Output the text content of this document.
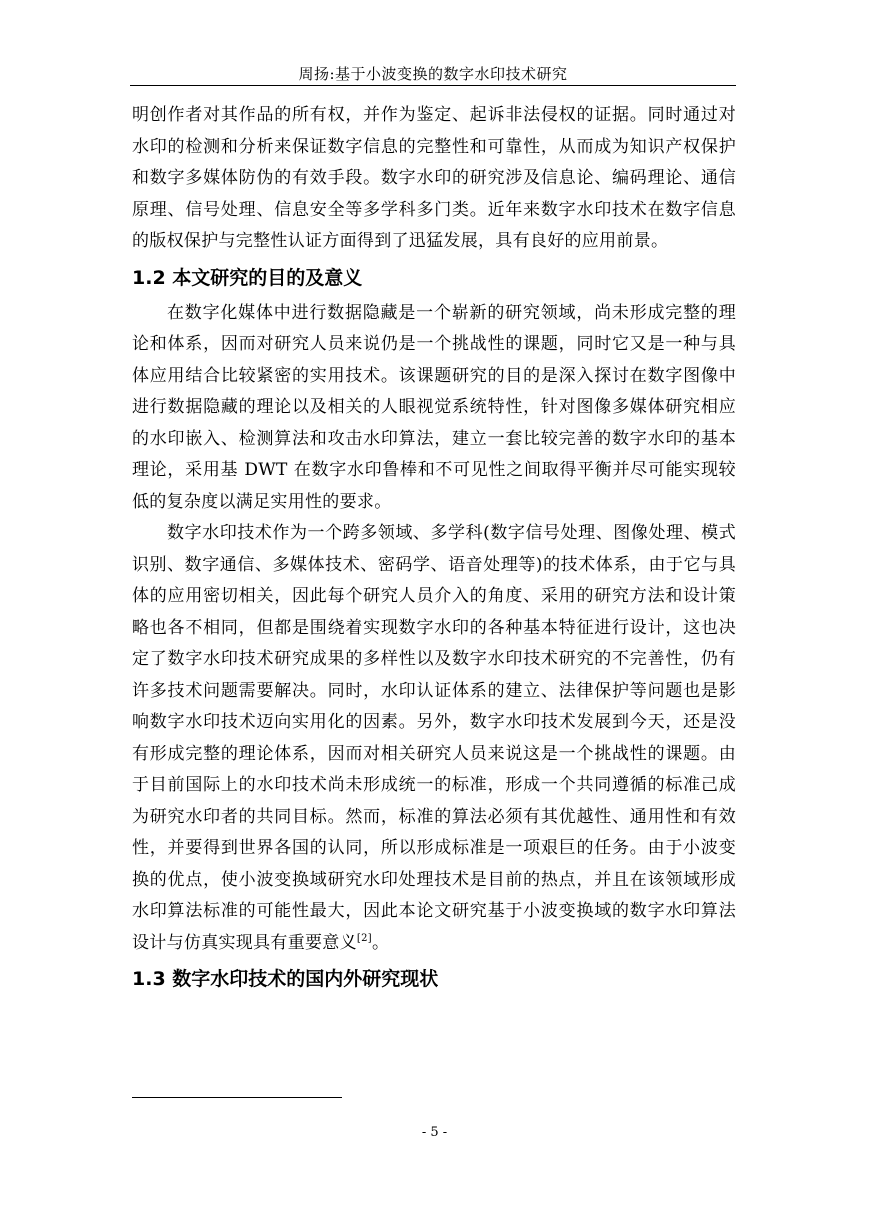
周扬:基于小波变换的数字水印技术研究

明创作者对其作品的所有权，并作为鉴定、起诉非法侵权的证据。同时通过对水印的检测和分析来保证数字信息的完整性和可靠性，从而成为知识产权保护和数字多媒体防伪的有效手段。数字水印的研究涉及信息论、编码理论、通信原理、信号处理、信息安全等多学科多门类。近年来数字水印技术在数字信息的版权保护与完整性认证方面得到了迅猛发展，具有良好的应用前景。

1.2 本文研究的目的及意义

在数字化媒体中进行数据隐藏是一个崭新的研究领域，尚未形成完整的理论和体系，因而对研究人员来说仍是一个挑战性的课题，同时它又是一种与具体应用结合比较紧密的实用技术。该课题研究的目的是深入探讨在数字图像中进行数据隐藏的理论以及相关的人眼视觉系统特性，针对图像多媒体研究相应的水印嵌入、检测算法和攻击水印算法，建立一套比较完善的数字水印的基本理论，采用基 DWT 在数字水印鲁棒和不可见性之间取得平衡并尽可能实现较低的复杂度以满足实用性的要求。

数字水印技术作为一个跨多领域、多学科(数字信号处理、图像处理、模式识别、数字通信、多媒体技术、密码学、语音处理等)的技术体系，由于它与具体的应用密切相关，因此每个研究人员介入的角度、采用的研究方法和设计策略也各不相同，但都是围绕着实现数字水印的各种基本特征进行设计，这也决定了数字水印技术研究成果的多样性以及数字水印技术研究的不完善性，仍有许多技术问题需要解决。同时，水印认证体系的建立、法律保护等问题也是影响数字水印技术迈向实用化的因素。另外，数字水印技术发展到今天，还是没有形成完整的理论体系，因而对相关研究人员来说这是一个挑战性的课题。由于目前国际上的水印技术尚未形成统一的标准，形成一个共同遵循的标准己成为研究水印者的共同目标。然而，标准的算法必须有其优越性、通用性和有效性，并要得到世界各国的认同，所以形成标准是一项艰巨的任务。由于小波变换的优点，使小波变换域研究水印处理技术是目前的热点，并且在该领域形成水印算法标准的可能性最大，因此本论文研究基于小波变换域的数字水印算法设计与仿真实现具有重要意义[2]。

1.3 数字水印技术的国内外研究现状
- 5 -
